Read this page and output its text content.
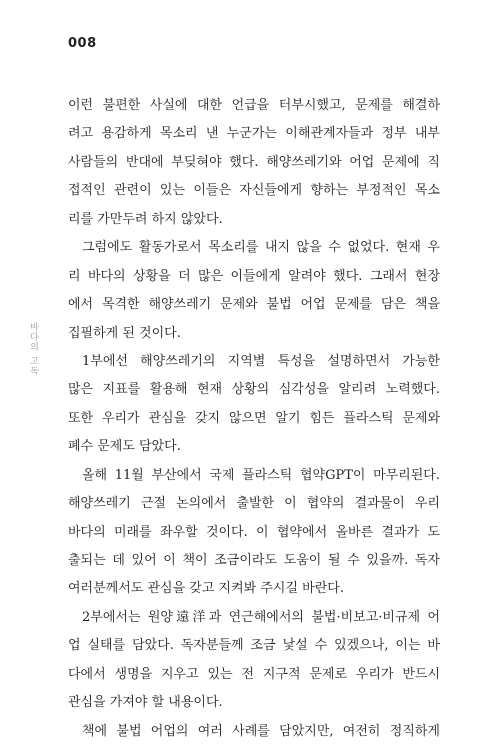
008
바다의 고독
이런 불편한 사실에 대한 언급을 터부시했고, 문제를 해결하
려고 용감하게 목소리 낸 누군가는 이해관계자들과 정부 내부
사람들의 반대에 부딪혀야 했다. 해양쓰레기와 어업 문제에 직
접적인 관련이 있는 이들은 자신들에게 향하는 부정적인 목소
리를 가만두려 하지 않았다.
그럼에도 활동가로서 목소리를 내지 않을 수 없었다. 현재 우
리 바다의 상황을 더 많은 이들에게 알려야 했다. 그래서 현장
에서 목격한 해양쓰레기 문제와 불법 어업 문제를 담은 책을
집필하게 된 것이다.
1부에선 해양쓰레기의 지역별 특성을 설명하면서 가능한
많은 지표를 활용해 현재 상황의 심각성을 알리려 노력했다.
또한 우리가 관심을 갖지 않으면 알기 힘든 플라스틱 문제와
폐수 문제도 담았다.
올해 11월 부산에서 국제 플라스틱 협약GPT이 마무리된다.
해양쓰레기 근절 논의에서 출발한 이 협약의 결과물이 우리
바다의 미래를 좌우할 것이다. 이 협약에서 올바른 결과가 도
출되는 데 있어 이 책이 조금이라도 도움이 될 수 있을까. 독자
여러분께서도 관심을 갖고 지켜봐 주시길 바란다.
2부에서는 원양遠洋과 연근해에서의 불법·비보고·비규제 어
업 실태를 담았다. 독자분들께 조금 낯설 수 있겠으나, 이는 바
다에서 생명을 지우고 있는 전 지구적 문제로 우리가 반드시
관심을 가져야 할 내용이다.
책에 불법 어업의 여러 사례를 담았지만, 여전히 정직하게
